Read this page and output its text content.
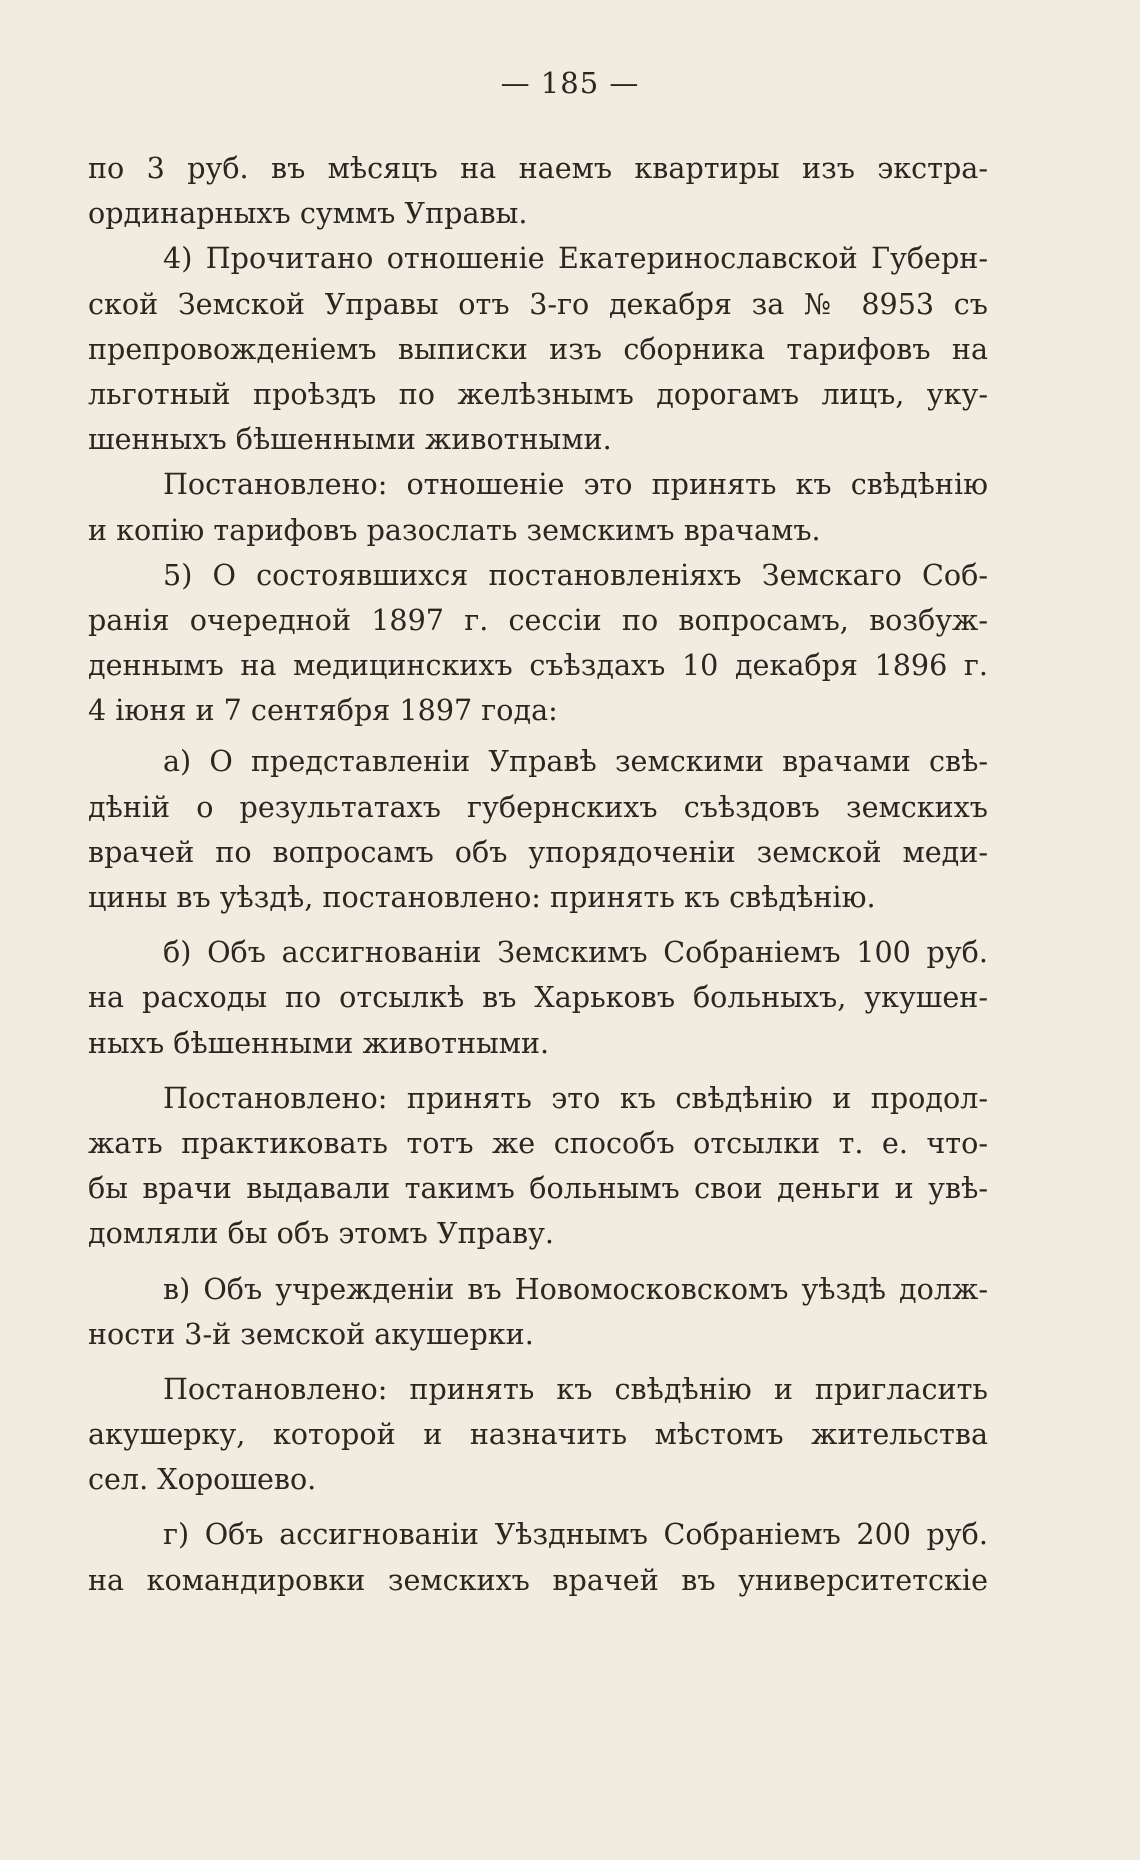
— 185 —
по 3 руб. въ мѣсяцъ на наемъ квартиры изъ экстра-
ординарныхъ суммъ Управы.
4) Прочитано отношеніе Екатеринославской Губерн-
ской Земской Управы отъ 3-го декабря за № 8953 съ
препровожденіемъ выписки изъ сборника тарифовъ на
льготный проѣздъ по желѣзнымъ дорогамъ лицъ, уку-
шенныхъ бѣшенными животными.
Постановлено: отношеніе это принять къ свѣдѣнію
и копію тарифовъ разослать земскимъ врачамъ.
5) О состоявшихся постановленіяхъ Земскаго Соб-
ранія очередной 1897 г. сессіи по вопросамъ, возбуж-
деннымъ на медицинскихъ съѣздахъ 10 декабря 1896 г.
4 іюня и 7 сентября 1897 года:
а) О представленіи Управѣ земскими врачами свѣ-
дѣній о результатахъ губернскихъ съѣздовъ земскихъ
врачей по вопросамъ объ упорядоченіи земской меди-
цины въ уѣздѣ, постановлено: принять къ свѣдѣнію.
б) Объ ассигнованіи Земскимъ Собраніемъ 100 руб.
на расходы по отсылкѣ въ Харьковъ больныхъ, укушен-
ныхъ бѣшенными животными.
Постановлено: принять это къ свѣдѣнію и продол-
жать практиковать тотъ же способъ отсылки т. е. что-
бы врачи выдавали такимъ больнымъ свои деньги и увѣ-
домляли бы объ этомъ Управу.
в) Объ учрежденіи въ Новомосковскомъ уѣздѣ долж-
ности 3-й земской акушерки.
Постановлено: принять къ свѣдѣнію и пригласить
акушерку, которой и назначить мѣстомъ жительства
сел. Хорошево.
г) Объ ассигнованіи Уѣзднымъ Собраніемъ 200 руб.
на командировки земскихъ врачей въ университетскіе
